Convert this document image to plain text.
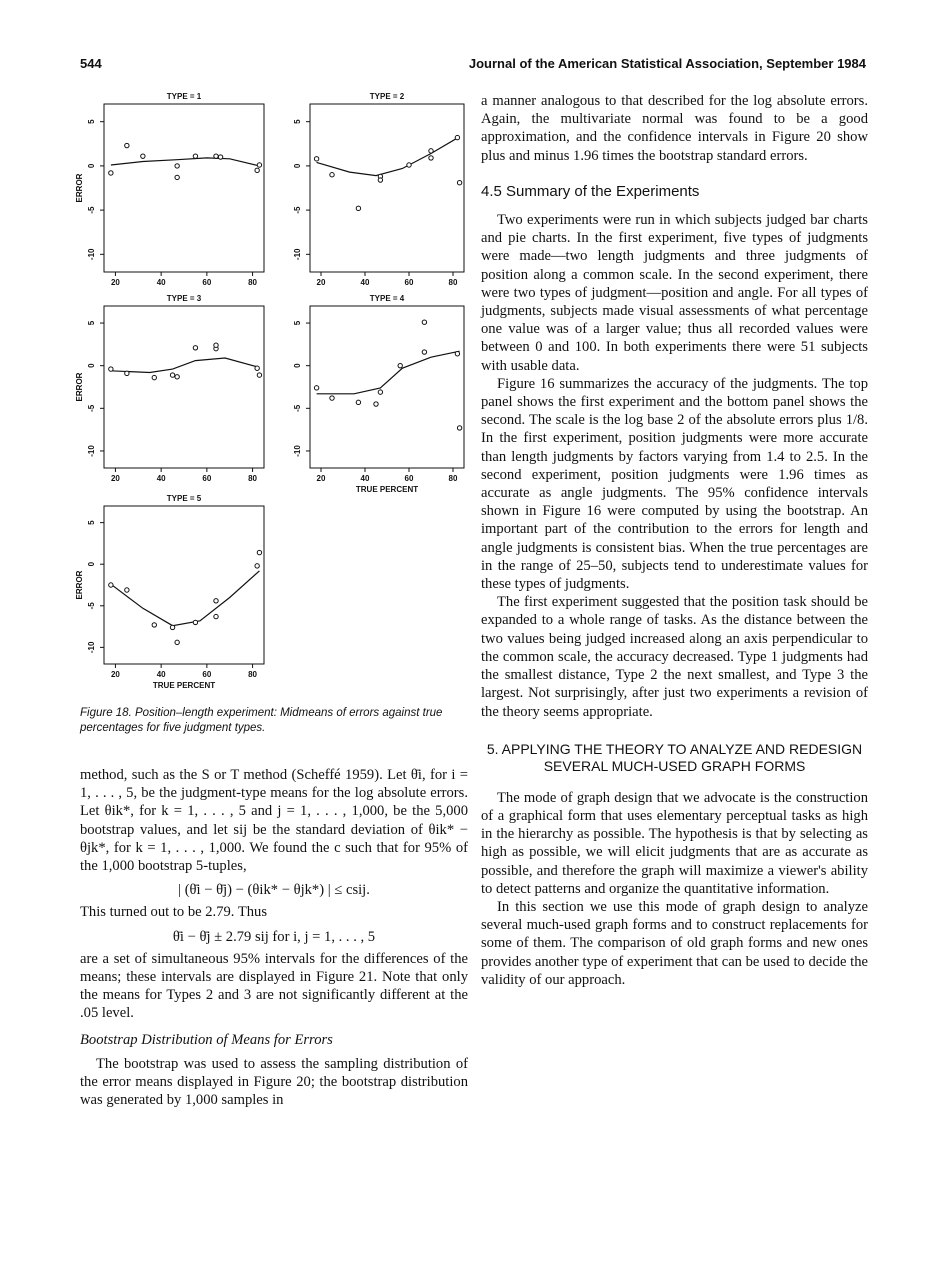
544	Journal of the American Statistical Association, September 1984
TYPE = 1
20	40	60	80
5
0
-5
-10
ERROR
TYPE = 2
20	40	60	80
5
0
-5
-10
TYPE = 3
20	40	60	80
5
0
-5
-10
ERROR
TYPE = 4
20	40	60	80
5
0
-5
-10
TRUE PERCENT
TYPE = 5
20	40	60	80
5
0
-5
-10
ERROR
TRUE PERCENT
Figure 18. Position–length experiment: Midmeans of errors against true percentages for five judgment types.

method, such as the S or T method (Scheffé 1959). Let θ̄i, for i = 1, . . . , 5, be the judgment-type means for the log absolute errors. Let θik*, for k = 1, . . . , 5 and j = 1, . . . , 1,000, be the 5,000 bootstrap values, and let sij be the standard deviation of θik* − θjk*, for k = 1, . . . , 1,000. We found the c such that for 95% of the 1,000 bootstrap 5-tuples,

| (θ̄i − θ̄j) − (θik* − θjk*) | ≤ csij.

This turned out to be 2.79. Thus

θ̄i − θ̄j ± 2.79 sij for i, j = 1, . . . , 5

are a set of simultaneous 95% intervals for the differences of the means; these intervals are displayed in Figure 21. Note that only the means for Types 2 and 3 are not significantly different at the .05 level.

Bootstrap Distribution of Means for Errors

The bootstrap was used to assess the sampling distribution of the error means displayed in Figure 20; the bootstrap distribution was generated by 1,000 samples in

a manner analogous to that described for the log absolute errors. Again, the multivariate normal was found to be a good approximation, and the confidence intervals in Figure 20 show plus and minus 1.96 times the bootstrap standard errors.

4.5 Summary of the Experiments

Two experiments were run in which subjects judged bar charts and pie charts. In the first experiment, five types of judgments were made—two length judgments and three judgments of position along a common scale. In the second experiment, there were two types of judgment—position and angle. For all types of judgments, subjects made visual assessments of what percentage one value was of a larger value; thus all recorded values were between 0 and 100. In both experiments there were 51 subjects with usable data.

Figure 16 summarizes the accuracy of the judgments. The top panel shows the first experiment and the bottom panel shows the second. The scale is the log base 2 of the absolute errors plus 1/8. In the first experiment, position judgments were more accurate than length judgments by factors varying from 1.4 to 2.5. In the second experiment, position judgments were 1.96 times as accurate as angle judgments. The 95% confidence intervals shown in Figure 16 were computed by using the bootstrap. An important part of the contribution to the errors for length and angle judgments is consistent bias. When the true percentages are in the range of 25–50, subjects tend to underestimate values for these types of judgments.

The first experiment suggested that the position task should be expanded to a whole range of tasks. As the distance between the two values being judged increased along an axis perpendicular to the common scale, the accuracy decreased. Type 1 judgments had the smallest distance, Type 2 the next smallest, and Type 3 the largest. Not surprisingly, after just two experiments a revision of the theory seems appropriate.

5. APPLYING THE THEORY TO ANALYZE AND REDESIGN SEVERAL MUCH-USED GRAPH FORMS

The mode of graph design that we advocate is the construction of a graphical form that uses elementary perceptual tasks as high in the hierarchy as possible. The hypothesis is that by selecting as high as possible, we will elicit judgments that are as accurate as possible, and therefore the graph will maximize a viewer's ability to detect patterns and organize the quantitative information.

In this section we use this mode of graph design to analyze several much-used graph forms and to construct replacements for some of them. The comparison of old graph forms and new ones provides another type of experiment that can be used to decide the validity of our approach.
